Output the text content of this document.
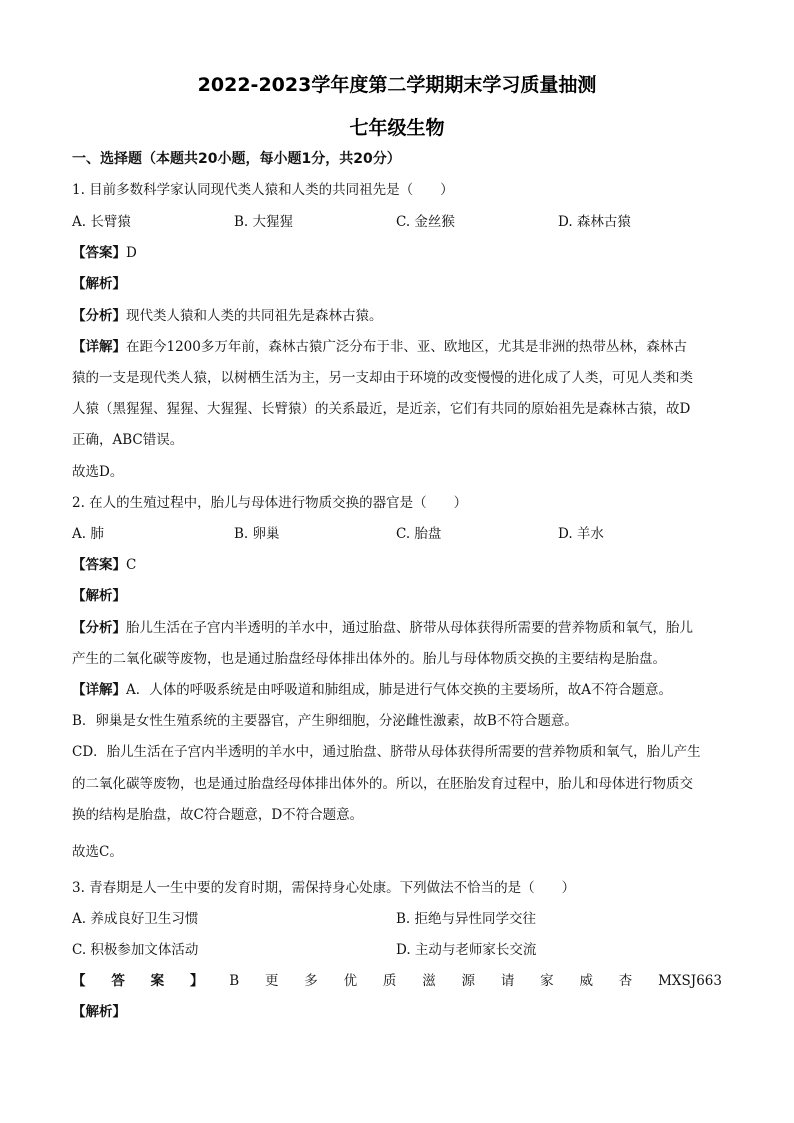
2022-2023学年度第二学期期末学习质量抽测
七年级生物
一、选择题（本题共20小题，每小题1分，共20分）
1. 目前多数科学家认同现代类人猿和人类的共同祖先是（　　）
A. 长臂猿	B. 大猩猩	C. 金丝猴	D. 森林古猿
【答案】D
【解析】
【分析】现代类人猿和人类的共同祖先是森林古猿。
【详解】在距今1200多万年前，森林古猿广泛分布于非、亚、欧地区，尤其是非洲的热带丛林，森林古
猿的一支是现代类人猿，以树栖生活为主，另一支却由于环境的改变慢慢的进化成了人类，可见人类和类
人猿（黑猩猩、猩猩、大猩猩、长臂猿）的关系最近，是近亲，它们有共同的原始祖先是森林古猿，故D
正确，ABC错误。
故选D。
2. 在人的生殖过程中，胎儿与母体进行物质交换的器官是（　　）
A. 肺	B. 卵巢	C. 胎盘	D. 羊水
【答案】C
【解析】
【分析】胎儿生活在子宫内半透明的羊水中，通过胎盘、脐带从母体获得所需要的营养物质和氧气，胎儿
产生的二氧化碳等废物，也是通过胎盘经母体排出体外的。胎儿与母体物质交换的主要结构是胎盘。
【详解】A．人体的呼吸系统是由呼吸道和肺组成，肺是进行气体交换的主要场所，故A不符合题意。
B．卵巢是女性生殖系统的主要器官，产生卵细胞，分泌雌性激素，故B不符合题意。
CD．胎儿生活在子宫内半透明的羊水中，通过胎盘、脐带从母体获得所需要的营养物质和氧气，胎儿产生
的二氧化碳等废物，也是通过胎盘经母体排出体外的。所以，在胚胎发育过程中，胎儿和母体进行物质交
换的结构是胎盘，故C符合题意，D不符合题意。
故选C。
3. 青春期是人一生中要的发育时期，需保持身心处康。下列做法不恰当的是（　　）
A. 养成良好卫生习惯	B. 拒绝与异性同学交往
C. 积极参加文体活动	D. 主动与老师家长交流
【 答 案 】 B 更 多 优 质 滋 源 请 家 威 杏 MXSJ663
【解析】
